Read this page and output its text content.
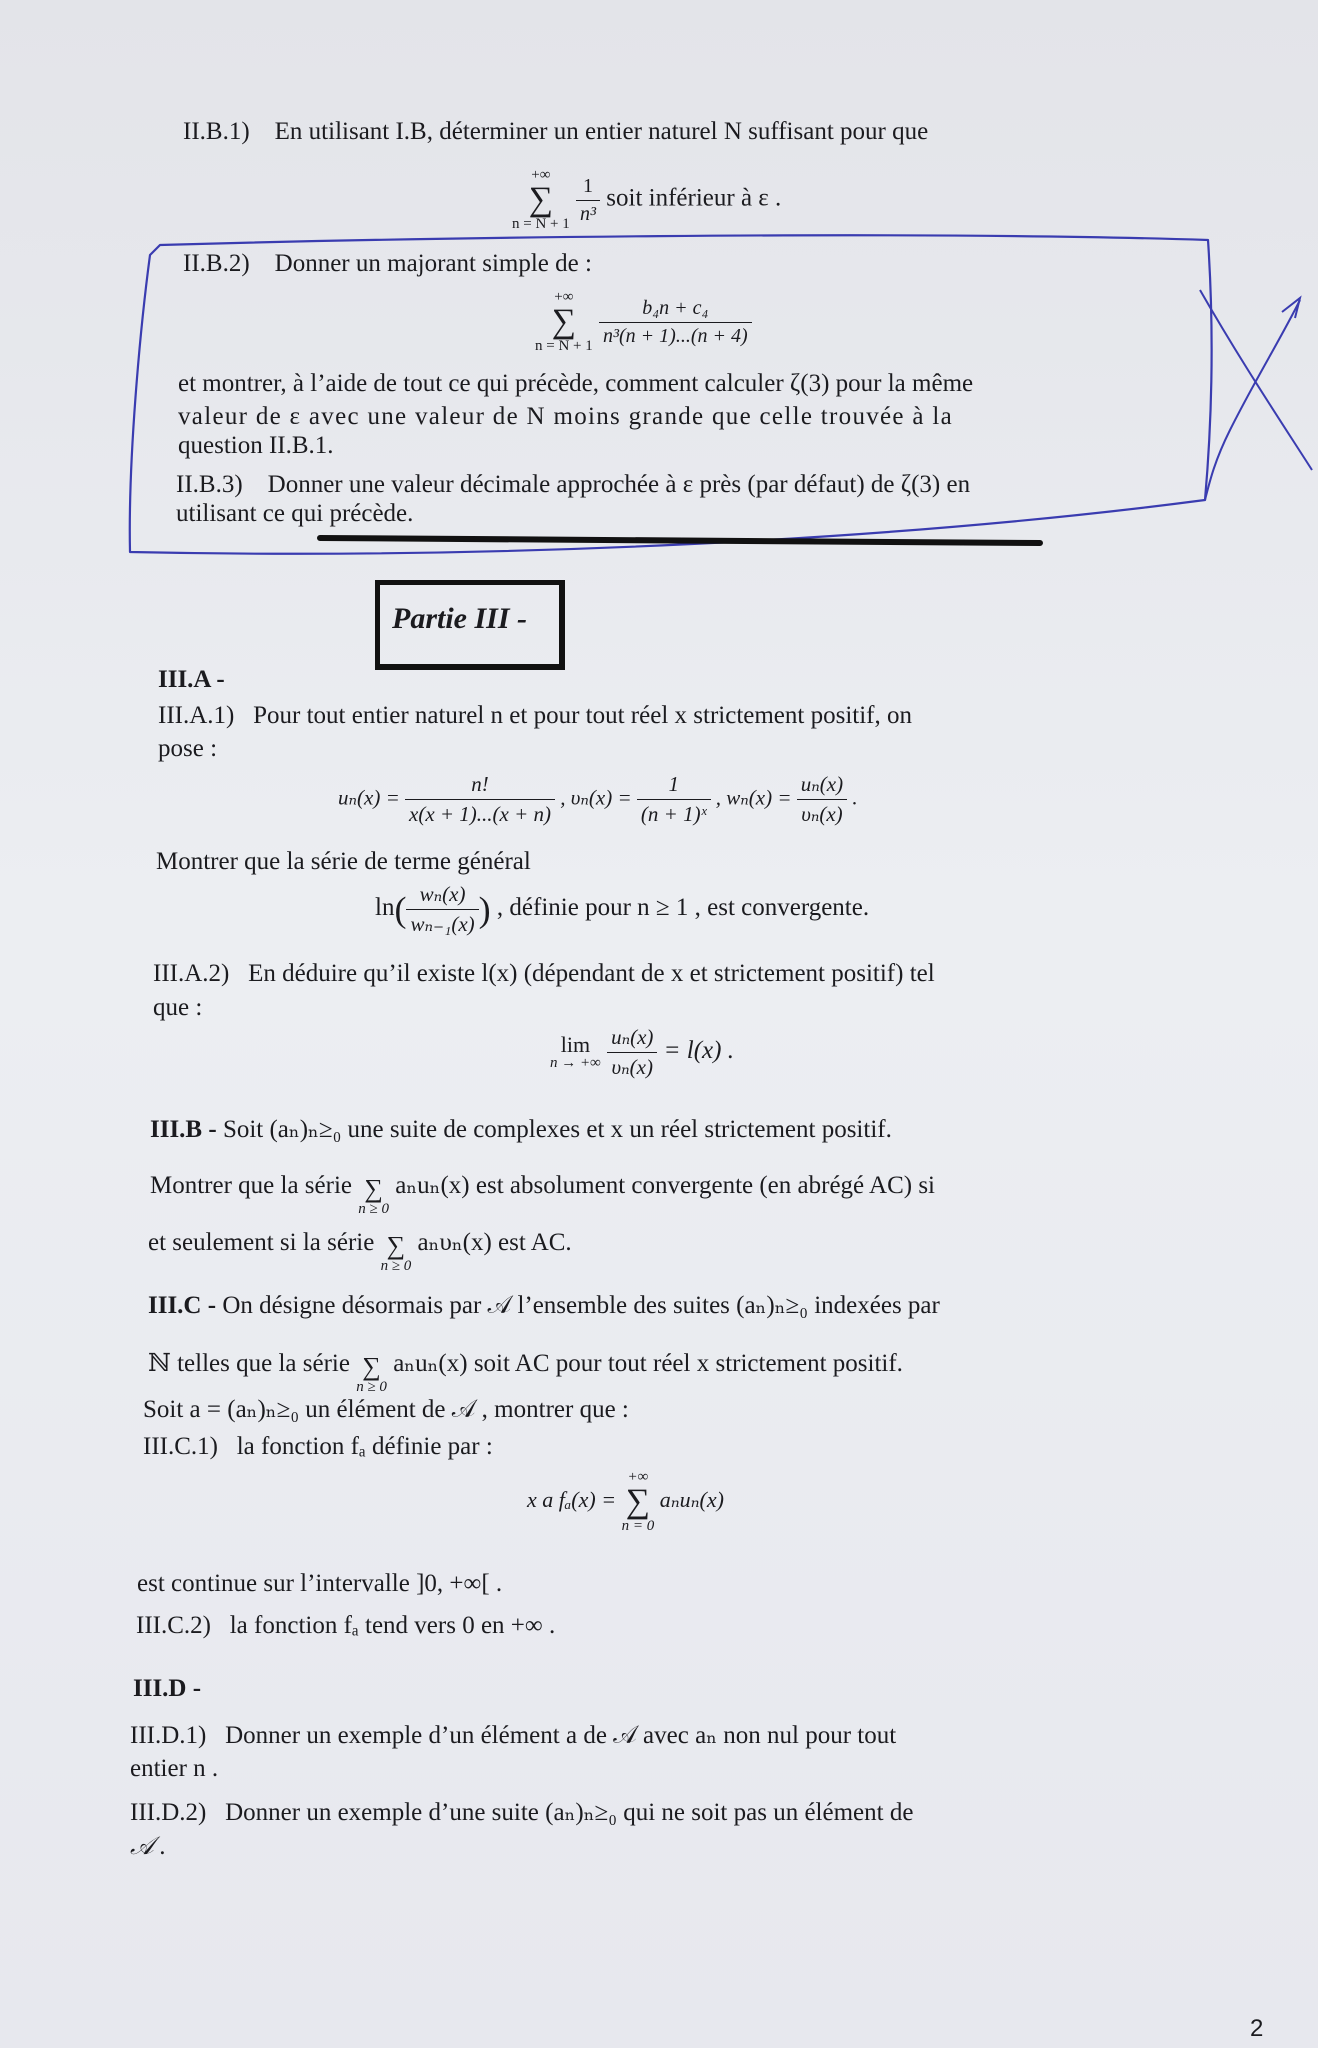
II.B.1) En utilisant I.B, déterminer un entier naturel N suffisant pour que
+∞
∑
n = N + 1
$\frac{1}{\text{n³}}$ soit inférieur à ε .
II.B.2) Donner un majorant simple de :
+∞
∑
n = N + 1
$\frac{\text{b₄n + c₄}}{\text{n³(n + 1)...(n + 4)}}$
et montrer, à l’aide de tout ce qui précède, comment calculer ζ(3) pour la même
valeur de ε avec une valeur de N moins grande que celle trouvée à la
question II.B.1.
II.B.3) Donner une valeur décimale approchée à ε près (par défaut) de ζ(3) en
utilisant ce qui précède.
Partie III -
III.A -
III.A.1) Pour tout entier naturel n et pour tout réel x strictement positif, on
pose :
$u_n(x) = \frac{n!}{x(x + 1)...(x + n)}$ , $\upsilon_n(x) = \frac{1}{\text{(n + 1)ˣ}}$ , $w_n(x) = \frac{\text{uₙ(x)}}{\text{υₙ(x)}}$ .
Montrer que la série de terme général
$\ln( \frac{\text{wₙ(x)}}{\text{wₙ₋₁(x)}}$ ) , définie pour n ≥ 1 , est convergente.
III.A.2) En déduire qu’il existe l(x) (dépendant de x et strictement positif) tel
que :
lim
n → +∞
$\frac{\text{uₙ(x)}}{\text{υₙ(x)}} = l(x)$ .
III.B - Soit (aₙ)ₙ≥₀ une suite de complexes et x un réel strictement positif.
Montrer que la série ∑
n ≥ 0
aₙuₙ(x) est absolument convergente (en abrégé AC) si
et seulement si la série ∑
n ≥ 0
aₙυₙ(x) est AC.
III.C - On désigne désormais par 𝒜 l’ensemble des suites (aₙ)ₙ≥₀ indexées par
ℕ telles que la série ∑
n ≥ 0
aₙuₙ(x) soit AC pour tout réel x strictement positif.
Soit a = (aₙ)ₙ≥₀ un élément de 𝒜 , montrer que :
III.C.1) la fonction fₐ définie par :
x a fₐ(x) =
+∞
∑
n = 0
aₙuₙ(x)
est continue sur l’intervalle ]0, +∞[ .
III.C.2) la fonction fₐ tend vers 0 en +∞ .
III.D -
III.D.1) Donner un exemple d’un élément a de 𝒜 avec aₙ non nul pour tout
entier n .
III.D.2) Donner un exemple d’une suite (aₙ)ₙ≥₀ qui ne soit pas un élément de
𝒜 .
2
